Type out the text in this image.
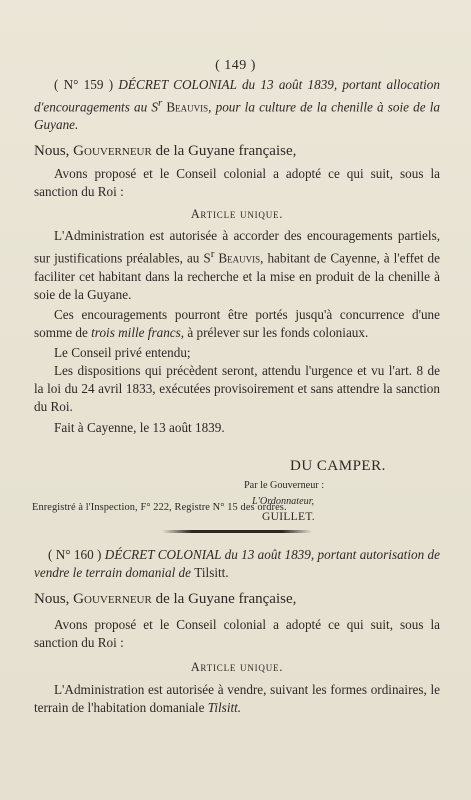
( 149 )

( N° 159 ) DÉCRET COLONIAL du 13 août 1839, portant allocation d'encouragements au $S^r$ Beauvis, pour la culture de la chenille à soie de la Guyane.

Nous, Gouverneur de la Guyane française,

Avons proposé et le Conseil colonial a adopté ce qui suit, sous la sanction du Roi :

Article unique.

L'Administration est autorisée à accorder des encouragements partiels, sur justifications préalables, au $S^r$ Beauvis, habitant de Cayenne, à l'effet de faciliter cet habitant dans la recherche et la mise en produit de la chenille à soie de la Guyane.

Ces encouragements pourront être portés jusqu'à concurrence d'une somme de trois mille francs, à prélever sur les fonds coloniaux.

Le Conseil privé entendu;

Les dispositions qui précèdent seront, attendu l'urgence et vu l'art. 8 de la loi du 24 avril 1833, exécutées provisoirement et sans attendre la sanction du Roi.

Fait à Cayenne, le 13 août 1839.

DU CAMPER.
Par le Gouverneur :
L'Ordonnateur,
GUILLET.
Enregistré à l'Inspection, F° 222, Registre N° 15 des ordres.

( N° 160 ) DÉCRET COLONIAL du 13 août 1839, portant autorisation de vendre le terrain domanial de Tilsitt.

Nous, Gouverneur de la Guyane française,

Avons proposé et le Conseil colonial a adopté ce qui suit, sous la sanction du Roi :

Article unique.

L'Administration est autorisée à vendre, suivant les formes ordinaires, le terrain de l'habitation domaniale Tilsitt.
